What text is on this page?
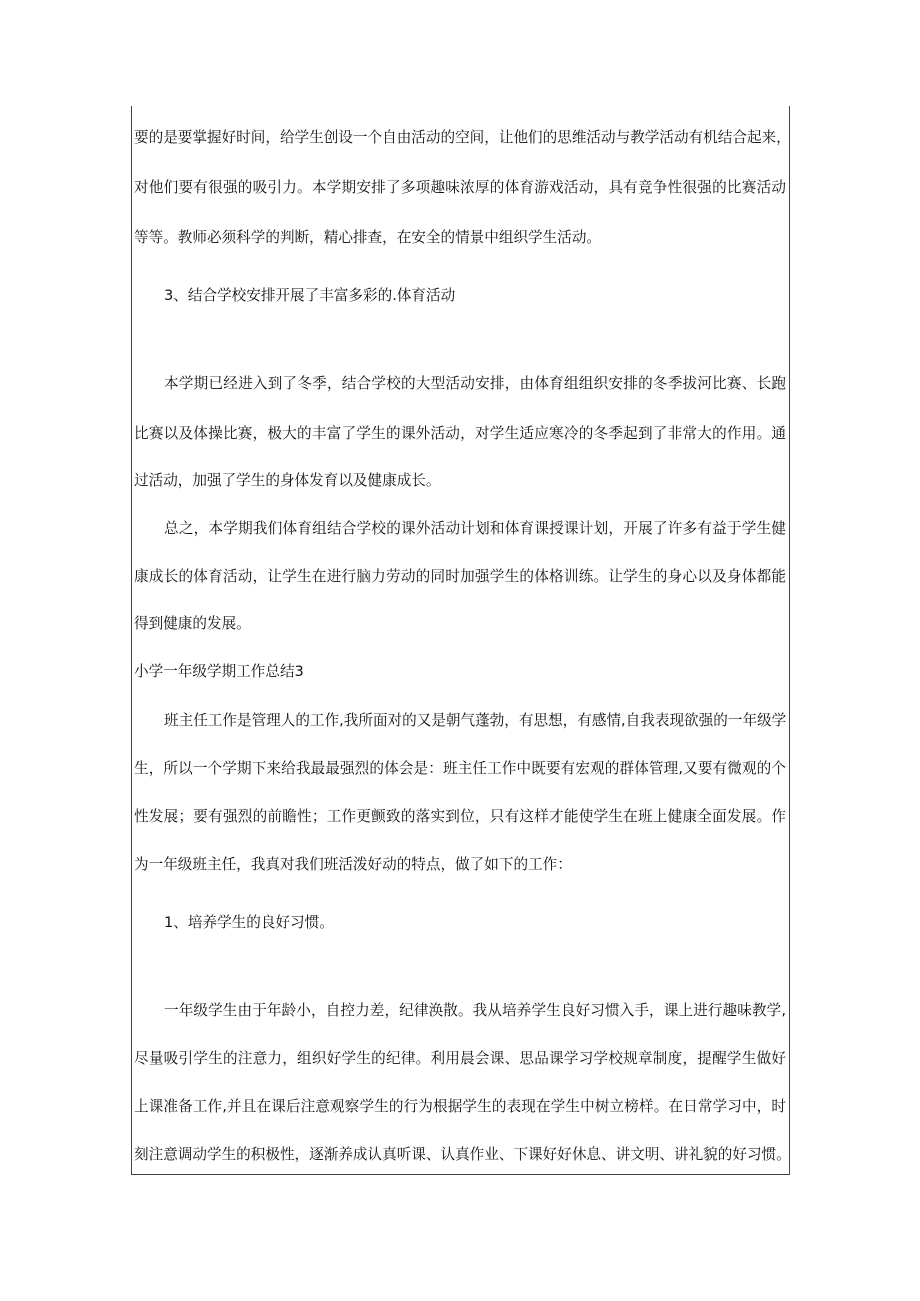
要的是要掌握好时间，给学生创设一个自由活动的空间，让他们的思维活动与教学活动有机结合起来，
对他们要有很强的吸引力。本学期安排了多项趣味浓厚的体育游戏活动，具有竞争性很强的比赛活动
等等。教师必须科学的判断，精心排查，在安全的情景中组织学生活动。
3、结合学校安排开展了丰富多彩的.体育活动
本学期已经进入到了冬季，结合学校的大型活动安排，由体育组组织安排的冬季拔河比赛、长跑
比赛以及体操比赛，极大的丰富了学生的课外活动，对学生适应寒冷的冬季起到了非常大的作用。通
过活动，加强了学生的身体发育以及健康成长。
总之，本学期我们体育组结合学校的课外活动计划和体育课授课计划，开展了许多有益于学生健
康成长的体育活动，让学生在进行脑力劳动的同时加强学生的体格训练。让学生的身心以及身体都能
得到健康的发展。
小学一年级学期工作总结3
班主任工作是管理人的工作,我所面对的又是朝气蓬勃，有思想，有感情,自我表现欲强的一年级学
生，所以一个学期下来给我最最强烈的体会是：班主任工作中既要有宏观的群体管理,又要有微观的个
性发展；要有强烈的前瞻性；工作更颤致的落实到位，只有这样才能使学生在班上健康全面发展。作
为一年级班主任，我真对我们班活泼好动的特点，做了如下的工作：
1、培养学生的良好习惯。
一年级学生由于年龄小，自控力差，纪律涣散。我从培养学生良好习惯入手，课上进行趣味教学,
尽量吸引学生的注意力，组织好学生的纪律。利用晨会课、思品课学习学校规章制度，提醒学生做好
上课准备工作,并且在课后注意观察学生的行为根据学生的表现在学生中树立榜样。在日常学习中，时
刻注意调动学生的积极性，逐渐养成认真听课、认真作业、下课好好休息、讲文明、讲礼貌的好习惯。
